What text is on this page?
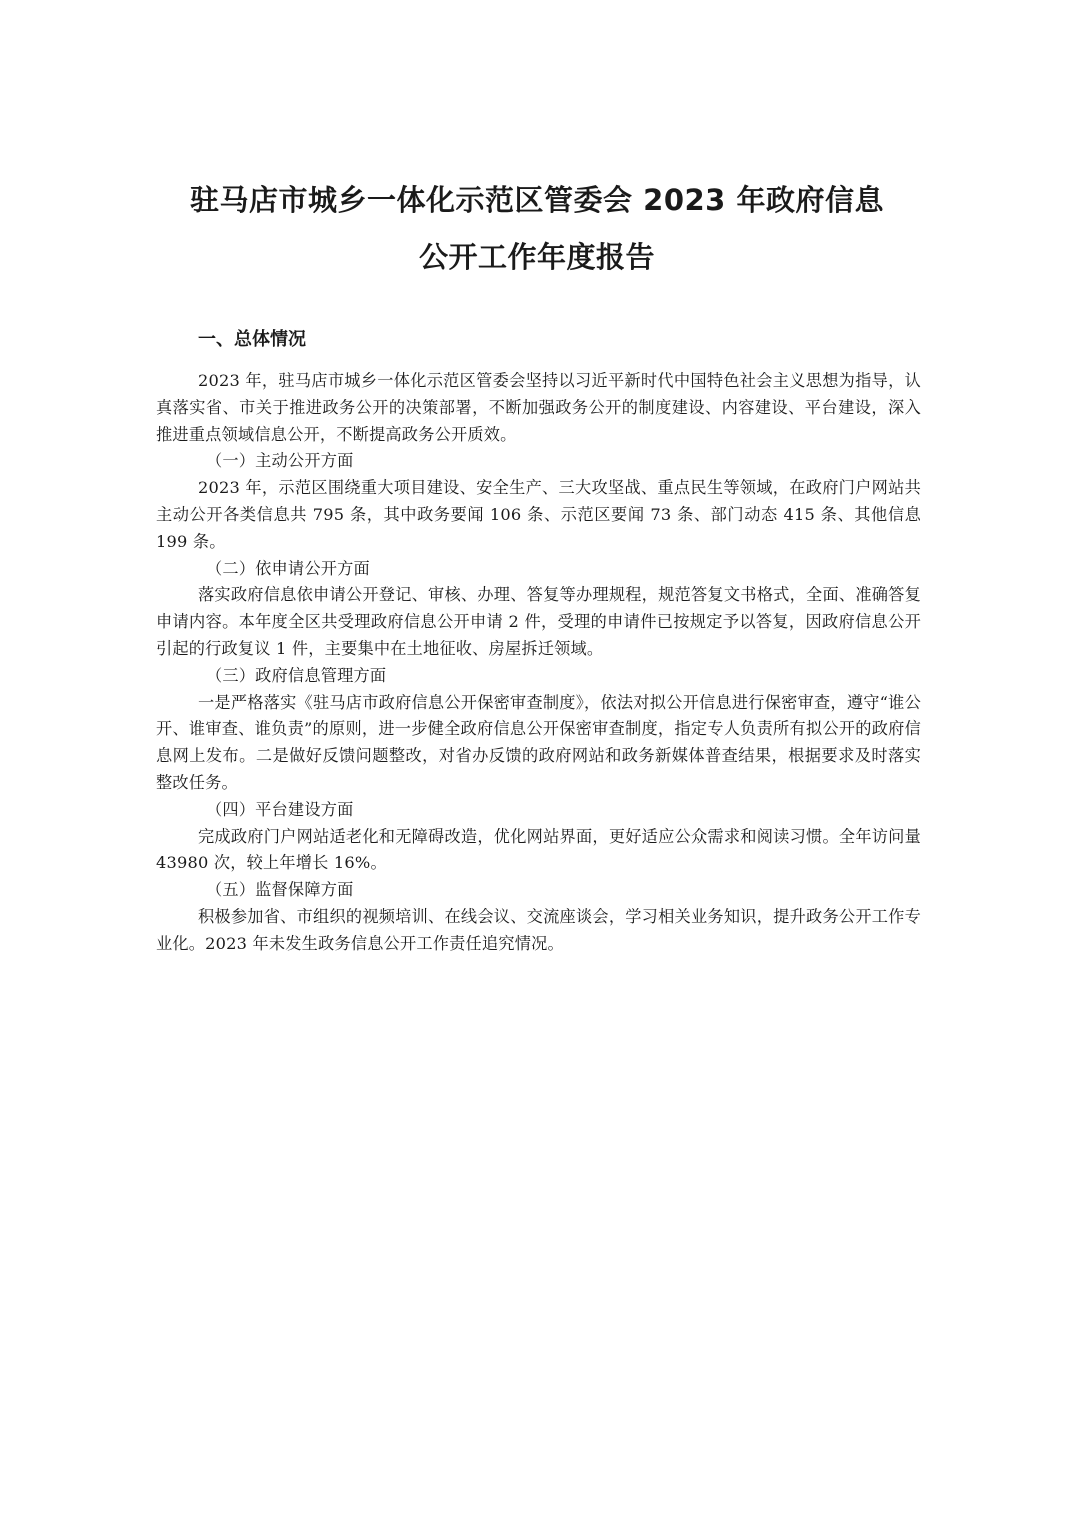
驻马店市城乡一体化示范区管委会 2023 年政府信息
公开工作年度报告
一、总体情况

2023 年，驻马店市城乡一体化示范区管委会坚持以习近平新时代中国特色社会主义思想为指导，认真落实省、市关于推进政务公开的决策部署，不断加强政务公开的制度建设、内容建设、平台建设，深入推进重点领域信息公开，不断提高政务公开质效。

（一）主动公开方面

2023 年，示范区围绕重大项目建设、安全生产、三大攻坚战、重点民生等领域，在政府门户网站共主动公开各类信息共 795 条，其中政务要闻 106 条、示范区要闻 73 条、部门动态 415 条、其他信息 199 条。

（二）依申请公开方面

落实政府信息依申请公开登记、审核、办理、答复等办理规程，规范答复文书格式，全面、准确答复申请内容。本年度全区共受理政府信息公开申请 2 件，受理的申请件已按规定予以答复，因政府信息公开引起的行政复议 1 件，主要集中在土地征收、房屋拆迁领域。

（三）政府信息管理方面

一是严格落实《驻马店市政府信息公开保密审查制度》，依法对拟公开信息进行保密审查，遵守“谁公开、谁审查、谁负责”的原则，进一步健全政府信息公开保密审查制度，指定专人负责所有拟公开的政府信息网上发布。二是做好反馈问题整改，对省办反馈的政府网站和政务新媒体普查结果，根据要求及时落实整改任务。

（四）平台建设方面

完成政府门户网站适老化和无障碍改造，优化网站界面，更好适应公众需求和阅读习惯。全年访问量 43980 次，较上年增长 16%。

（五）监督保障方面

积极参加省、市组织的视频培训、在线会议、交流座谈会，学习相关业务知识，提升政务公开工作专业化。2023 年未发生政务信息公开工作责任追究情况。
